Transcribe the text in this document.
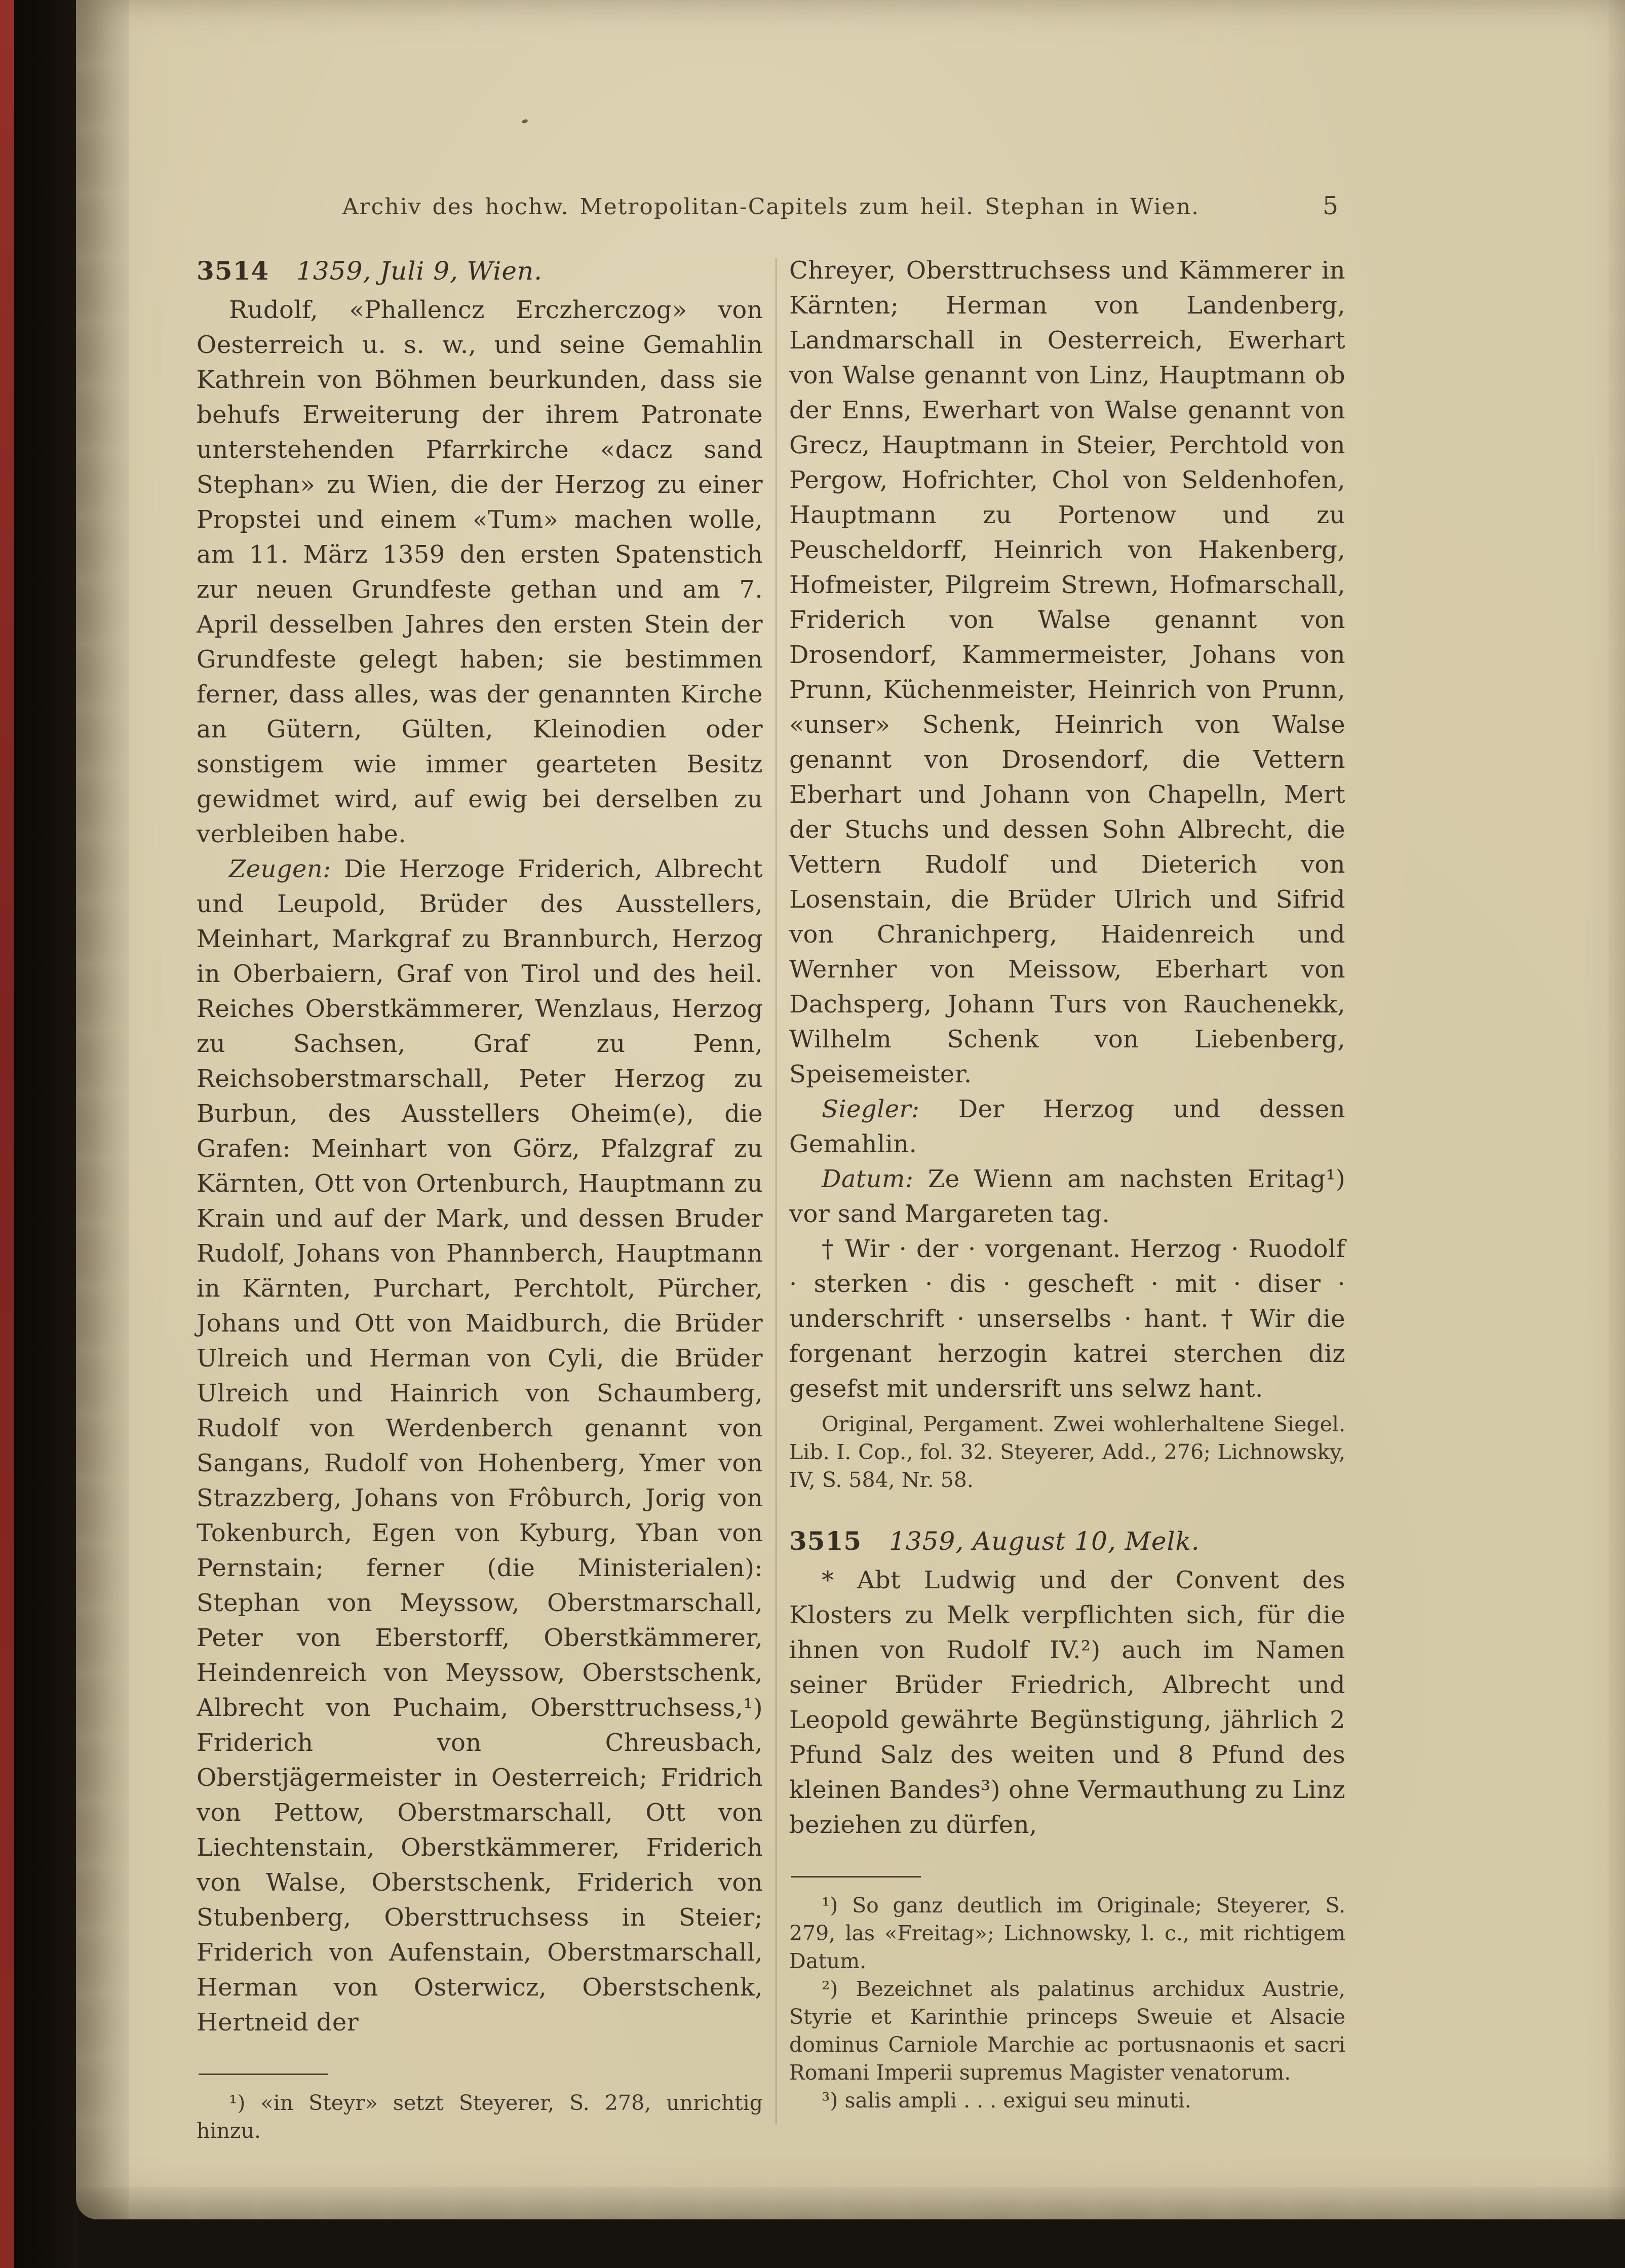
Archiv des hochw. Metropolitan-Capitels zum heil. Stephan in Wien.	5

3514 1359, Juli 9, Wien.

Rudolf, «Phallencz Erczherczog» von Oesterreich u. s. w., und seine Gemahlin Kathrein von Böhmen beurkunden, dass sie behufs Erweiterung der ihrem Patronate unterstehenden Pfarrkirche «dacz sand Stephan» zu Wien, die der Herzog zu einer Propstei und einem «Tum» machen wolle, am 11. März 1359 den ersten Spatenstich zur neuen Grundfeste gethan und am 7. April desselben Jahres den ersten Stein der Grundfeste gelegt haben; sie bestimmen ferner, dass alles, was der genannten Kirche an Gütern, Gülten, Kleinodien oder sonstigem wie immer gearteten Besitz gewidmet wird, auf ewig bei derselben zu verbleiben habe.

Zeugen: Die Herzoge Friderich, Albrecht und Leupold, Brüder des Ausstellers, Meinhart, Markgraf zu Brannburch, Herzog in Oberbaiern, Graf von Tirol und des heil. Reiches Oberstkämmerer, Wenzlaus, Herzog zu Sachsen, Graf zu Penn, Reichsoberstmarschall, Peter Herzog zu Burbun, des Ausstellers Oheim(e), die Grafen: Meinhart von Görz, Pfalzgraf zu Kärnten, Ott von Ortenburch, Hauptmann zu Krain und auf der Mark, und dessen Bruder Rudolf, Johans von Phannberch, Hauptmann in Kärnten, Purchart, Perchtolt, Pürcher, Johans und Ott von Maidburch, die Brüder Ulreich und Herman von Cyli, die Brüder Ulreich und Hainrich von Schaumberg, Rudolf von Werdenberch genannt von Sangans, Rudolf von Hohenberg, Ymer von Strazzberg, Johans von Frôburch, Jorig von Tokenburch, Egen von Kyburg, Yban von Pernstain; ferner (die Ministerialen): Stephan von Meyssow, Oberstmarschall, Peter von Eberstorff, Oberstkämmerer, Heindenreich von Meyssow, Oberstschenk, Albrecht von Puchaim, Obersttruchsess,¹) Friderich von Chreusbach, Oberstjägermeister in Oesterreich; Fridrich von Pettow, Oberstmarschall, Ott von Liechtenstain, Oberstkämmerer, Friderich von Walse, Oberstschenk, Friderich von Stubenberg, Obersttruchsess in Steier; Friderich von Aufenstain, Oberstmarschall, Herman von Osterwicz, Oberstschenk, Hertneid der

¹) «in Steyr» setzt Steyerer, S. 278, unrichtig hinzu.

Chreyer, Obersttruchsess und Kämmerer in Kärnten; Herman von Landenberg, Landmarschall in Oesterreich, Ewerhart von Walse genannt von Linz, Hauptmann ob der Enns, Ewerhart von Walse genannt von Grecz, Hauptmann in Steier, Perchtold von Pergow, Hofrichter, Chol von Seldenhofen, Hauptmann zu Portenow und zu Peuscheldorff, Heinrich von Hakenberg, Hofmeister, Pilgreim Strewn, Hofmarschall, Friderich von Walse genannt von Drosendorf, Kammermeister, Johans von Prunn, Küchenmeister, Heinrich von Prunn, «unser» Schenk, Heinrich von Walse genannt von Drosendorf, die Vettern Eberhart und Johann von Chapelln, Mert der Stuchs und dessen Sohn Albrecht, die Vettern Rudolf und Dieterich von Losenstain, die Brüder Ulrich und Sifrid von Chranichperg, Haidenreich und Wernher von Meissow, Eberhart von Dachsperg, Johann Turs von Rauchenekk, Wilhelm Schenk von Liebenberg, Speisemeister.

Siegler: Der Herzog und dessen Gemahlin.

Datum: Ze Wienn am nachsten Eritag¹) vor sand Margareten tag.

† Wir · der · vorgenant. Herzog · Ruodolf · sterken · dis · gescheft · mit · diser · underschrift · unserselbs · hant. † Wir die forgenant herzogin katrei sterchen diz gesefst mit undersrift uns selwz hant.

Original, Pergament. Zwei wohlerhaltene Siegel. Lib. I. Cop., fol. 32. Steyerer, Add., 276; Lichnowsky, IV, S. 584, Nr. 58.

3515 1359, August 10, Melk.

* Abt Ludwig und der Convent des Klosters zu Melk verpflichten sich, für die ihnen von Rudolf IV.²) auch im Namen seiner Brüder Friedrich, Albrecht und Leopold gewährte Begünstigung, jährlich 2 Pfund Salz des weiten und 8 Pfund des kleinen Bandes³) ohne Vermauthung zu Linz beziehen zu dürfen,

¹) So ganz deutlich im Originale; Steyerer, S. 279, las «Freitag»; Lichnowsky, l. c., mit richtigem Datum.

²) Bezeichnet als palatinus archidux Austrie, Styrie et Karinthie princeps Sweuie et Alsacie dominus Carniole Marchie ac portusnaonis et sacri Romani Imperii supremus Magister venatorum.

³) salis ampli . . . exigui seu minuti.
